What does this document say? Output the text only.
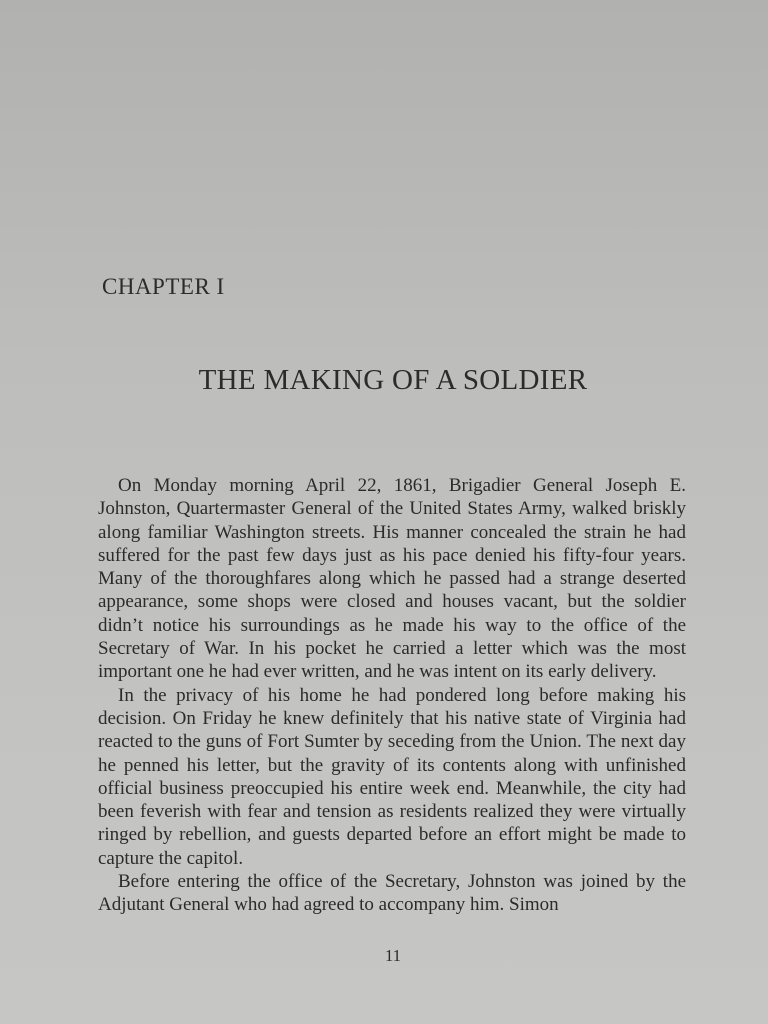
CHAPTER I
THE MAKING OF A SOLDIER

On Monday morning April 22, 1861, Brigadier General Joseph E. Johnston, Quartermaster General of the United States Army, walked briskly along familiar Washington streets. His manner concealed the strain he had suffered for the past few days just as his pace denied his fifty-four years. Many of the thoroughfares along which he passed had a strange deserted appearance, some shops were closed and houses vacant, but the soldier didn’t notice his surroundings as he made his way to the office of the Secretary of War. In his pocket he carried a letter which was the most important one he had ever written, and he was intent on its early delivery.

In the privacy of his home he had pondered long before making his decision. On Friday he knew definitely that his native state of Virginia had reacted to the guns of Fort Sumter by seceding from the Union. The next day he penned his letter, but the gravity of its contents along with unfinished official business preoccupied his entire week end. Meanwhile, the city had been feverish with fear and tension as residents realized they were virtually ringed by rebellion, and guests departed before an effort might be made to capture the capitol.

Before entering the office of the Secretary, Johnston was joined by the Adjutant General who had agreed to accompany him. Simon

11
